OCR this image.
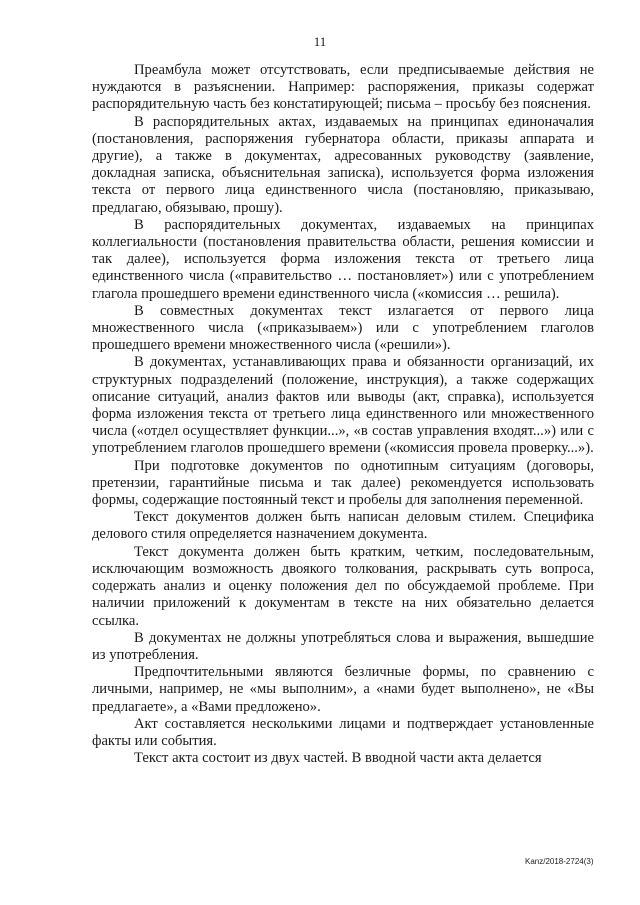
11

Преамбула может отсутствовать, если предписываемые действия не нуждаются в разъяснении. Например: распоряжения, приказы содержат распорядительную часть без констатирующей; письма – просьбу без пояснения.

В распорядительных актах, издаваемых на принципах единоначалия (постановления, распоряжения губернатора области, приказы аппарата и другие), а также в документах, адресованных руководству (заявление, докладная записка, объяснительная записка), используется форма изложения текста от первого лица единственного числа (постановляю, приказываю, предлагаю, обязываю, прошу).

В распорядительных документах, издаваемых на принципах коллегиальности (постановления правительства области, решения комиссии и так далее), используется форма изложения текста от третьего лица единственного числа («правительство … постановляет») или с употреблением глагола прошедшего времени единственного числа («комиссия … решила).

В совместных документах текст излагается от первого лица множественного числа («приказываем») или с употреблением глаголов прошедшего времени множественного числа («решили»).

В документах, устанавливающих права и обязанности организаций, их структурных подразделений (положение, инструкция), а также содержащих описание ситуаций, анализ фактов или выводы (акт, справка), используется форма изложения текста от третьего лица единственного или множественного числа («отдел осуществляет функции...», «в состав управления входят...») или с употреблением глаголов прошедшего времени («комиссия провела проверку...»).

При подготовке документов по однотипным ситуациям (договоры, претензии, гарантийные письма и так далее) рекомендуется использовать формы, содержащие постоянный текст и пробелы для заполнения переменной.

Текст документов должен быть написан деловым стилем. Специфика делового стиля определяется назначением документа.

Текст документа должен быть кратким, четким, последовательным, исключающим возможность двоякого толкования, раскрывать суть вопроса, содержать анализ и оценку положения дел по обсуждаемой проблеме. При наличии приложений к документам в тексте на них обязательно делается ссылка.

В документах не должны употребляться слова и выражения, вышедшие из употребления.

Предпочтительными являются безличные формы, по сравнению с личными, например, не «мы выполним», а «нами будет выполнено», не «Вы предлагаете», а «Вами предложено».

Акт составляется несколькими лицами и подтверждает установленные факты или события.

Текст акта состоит из двух частей. В вводной части акта делается

Kanz/2018-2724(3)
